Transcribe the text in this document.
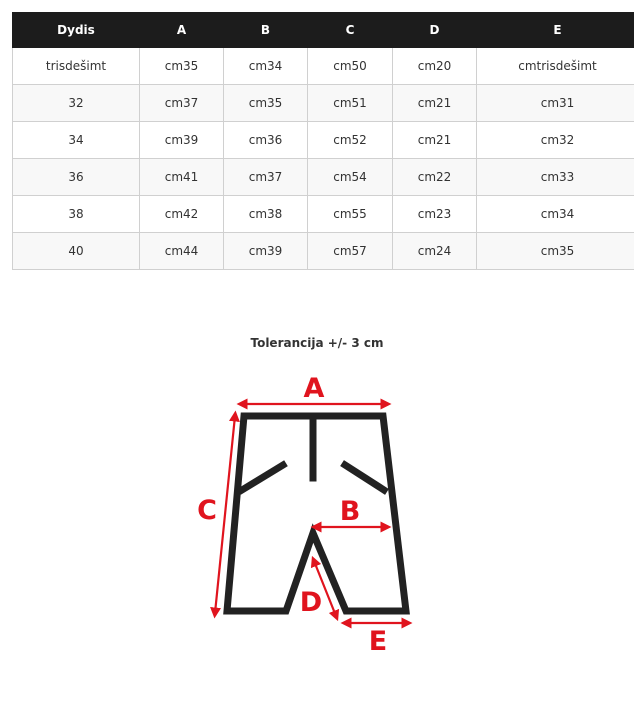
Dydis	A	B	C	D	E
trisdešimt	cm35	cm34	cm50	cm20	cmtrisdešimt
32	cm37	cm35	cm51	cm21	cm31
34	cm39	cm36	cm52	cm21	cm32
36	cm41	cm37	cm54	cm22	cm33
38	cm42	cm38	cm55	cm23	cm34
40	cm44	cm39	cm57	cm24	cm35
Tolerancija +/- 3 cm
A
B
C
D
E
